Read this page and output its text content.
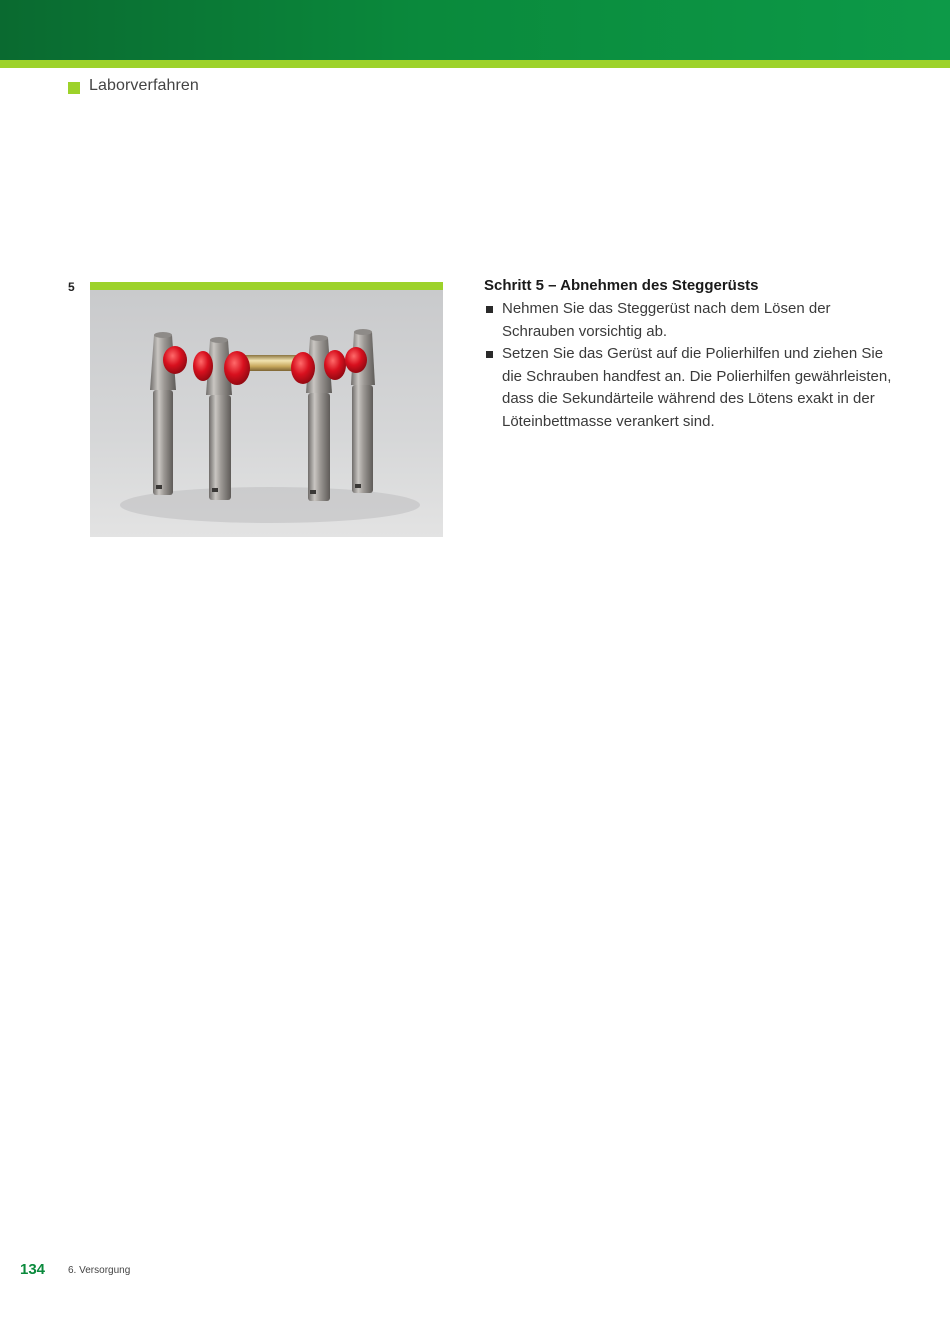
Laborverfahren
5	Schritt 5 – Abnehmen des Steggerüsts
Nehmen Sie das Steggerüst nach dem Lösen der Schrauben vorsichtig ab.
Setzen Sie das Gerüst auf die Polierhilfen und ziehen Sie die Schrauben handfest an. Die Polierhilfen gewährleisten, dass die Sekundärteile während des Lötens exakt in der Löteinbettmasse verankert sind.
134 6. Versorgung
